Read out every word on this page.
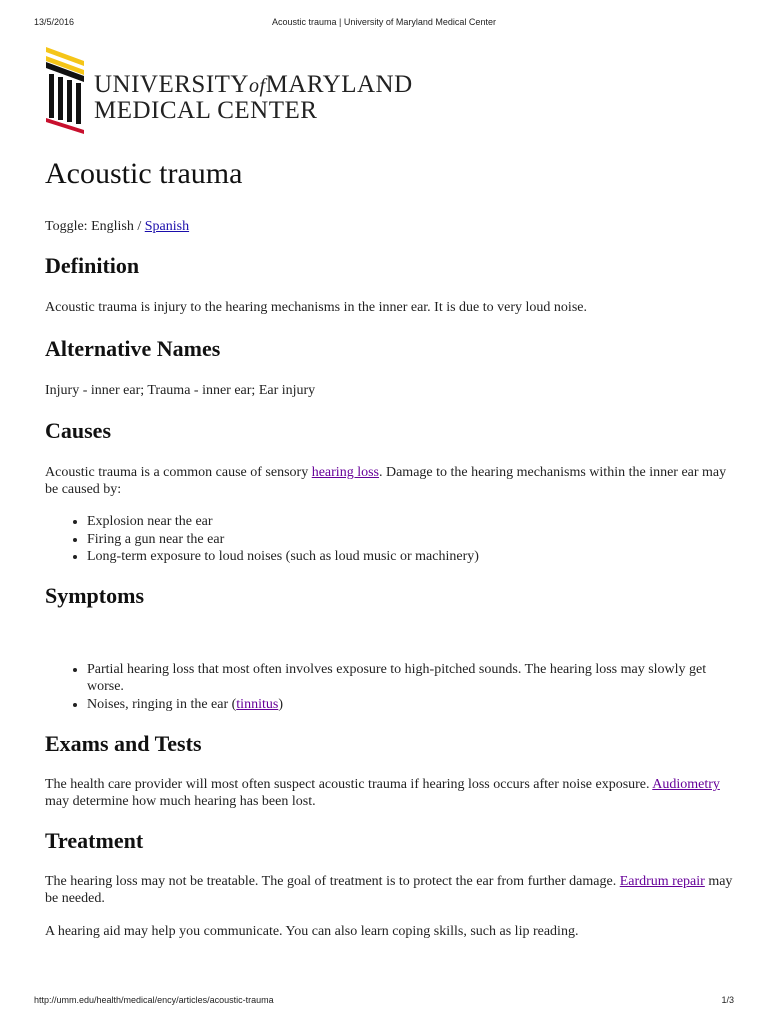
13/5/2016	Acoustic trauma | University of Maryland Medical Center
UNIVERSITYofMARYLAND
MEDICAL CENTER
Acoustic trauma

Toggle: English / Spanish

Definition

Acoustic trauma is injury to the hearing mechanisms in the inner ear. It is due to very loud noise.

Alternative Names

Injury - inner ear; Trauma - inner ear; Ear injury

Causes

Acoustic trauma is a common cause of sensory hearing loss. Damage to the hearing mechanisms within the inner ear may be caused by:

• Explosion near the ear
• Firing a gun near the ear
• Long-term exposure to loud noises (such as loud music or machinery)
Symptoms
• Partial hearing loss that most often involves exposure to high-pitched sounds. The hearing loss may slowly get worse.
• Noises, ringing in the ear (tinnitus)
Exams and Tests

The health care provider will most often suspect acoustic trauma if hearing loss occurs after noise exposure. Audiometry may determine how much hearing has been lost.

Treatment

The hearing loss may not be treatable. The goal of treatment is to protect the ear from further damage. Eardrum repair may be needed.

A hearing aid may help you communicate. You can also learn coping skills, such as lip reading.

http://umm.edu/health/medical/ency/articles/acoustic-trauma	1/3
